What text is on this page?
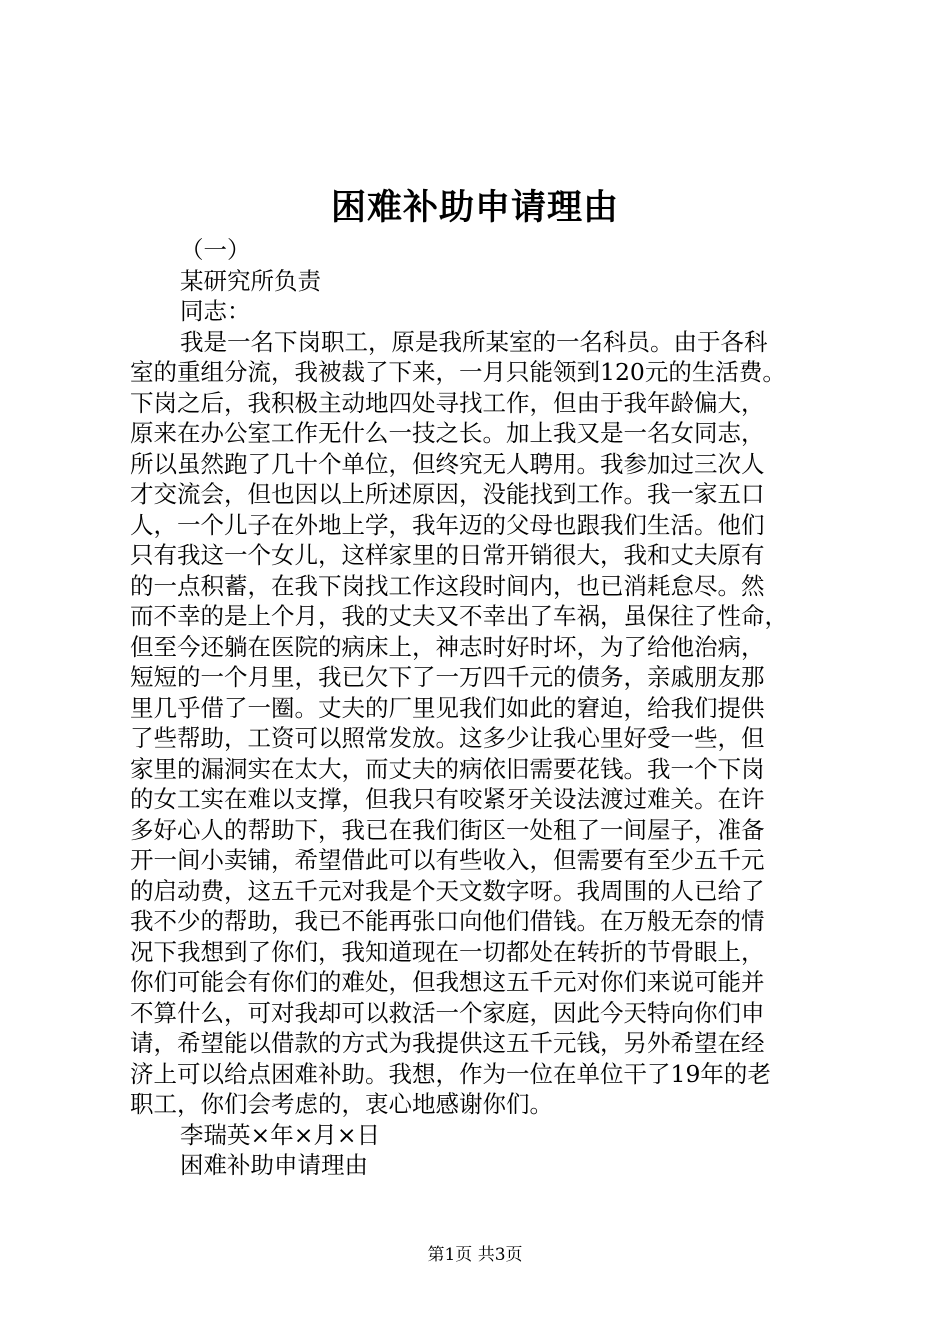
困难补助申请理由
（一）
某研究所负责
同志：
我是一名下岗职工，原是我所某室的一名科员。由于各科
室的重组分流，我被裁了下来，一月只能领到120元的生活费。
下岗之后，我积极主动地四处寻找工作，但由于我年龄偏大，
原来在办公室工作无什么一技之长。加上我又是一名女同志，
所以虽然跑了几十个单位，但终究无人聘用。我参加过三次人
才交流会，但也因以上所述原因，没能找到工作。我一家五口
人，一个儿子在外地上学，我年迈的父母也跟我们生活。他们
只有我这一个女儿，这样家里的日常开销很大，我和丈夫原有
的一点积蓄，在我下岗找工作这段时间内，也已消耗怠尽。然
而不幸的是上个月，我的丈夫又不幸出了车祸，虽保往了性命，
但至今还躺在医院的病床上，神志时好时坏，为了给他治病，
短短的一个月里，我已欠下了一万四千元的债务，亲戚朋友那
里几乎借了一圈。丈夫的厂里见我们如此的窘迫，给我们提供
了些帮助，工资可以照常发放。这多少让我心里好受一些，但
家里的漏洞实在太大，而丈夫的病依旧需要花钱。我一个下岗
的女工实在难以支撑，但我只有咬紧牙关设法渡过难关。在许
多好心人的帮助下，我已在我们街区一处租了一间屋子，准备
开一间小卖铺，希望借此可以有些收入，但需要有至少五千元
的启动费，这五千元对我是个天文数字呀。我周围的人已给了
我不少的帮助，我已不能再张口向他们借钱。在万般无奈的情
况下我想到了你们，我知道现在一切都处在转折的节骨眼上，
你们可能会有你们的难处，但我想这五千元对你们来说可能并
不算什么，可对我却可以救活一个家庭，因此今天特向你们申
请，希望能以借款的方式为我提供这五千元钱，另外希望在经
济上可以给点困难补助。我想，作为一位在单位干了19年的老
职工，你们会考虑的，衷心地感谢你们。
李瑞英×年×月×日
困难补助申请理由
第1页 共3页
